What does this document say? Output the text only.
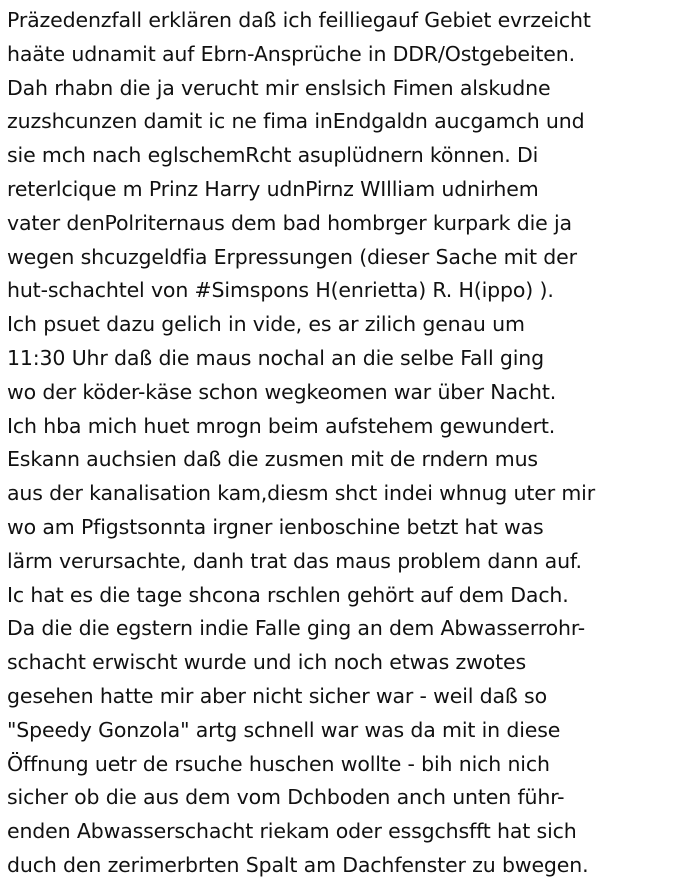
Präzedenzfall erklären daß ich feilliegauf Gebiet evrzeicht
haäte udnamit auf Ebrn-Ansprüche in DDR/Ostgebeiten.
Dah rhabn die ja verucht mir enslsich Fimen alskudne
zuzshcunzen damit ic ne fima inEndgaldn aucgamch und
sie mch nach eglschemRcht asuplüdnern können. Di
reterlcique m Prinz Harry udnPirnz WIlliam udnirhem
vater denPolriternaus dem bad hombrger kurpark die ja
wegen shcuzgeldfia Erpressungen (dieser Sache mit der
hut-schachtel von #Simspons H(enrietta) R. H(ippo) ).
Ich psuet dazu gelich in vide, es ar zilich genau um
11:30 Uhr daß die maus nochal an die selbe Fall ging
wo der köder-käse schon wegkeomen war über Nacht.
Ich hba mich huet mrogn beim aufstehem gewundert.
Eskann auchsien daß die zusmen mit de rndern mus
aus der kanalisation kam,diesm shct indei whnug uter mir
wo am Pfigstsonnta irgner ienboschine betzt hat was
lärm verursachte, danh trat das maus problem dann auf.
Ic hat es die tage shcona rschlen gehört auf dem Dach.
Da die die egstern indie Falle ging an dem Abwasserrohr-
schacht erwischt wurde und ich noch etwas zwotes
gesehen hatte mir aber nicht sicher war - weil daß so
"Speedy Gonzola" artg schnell war was da mit in diese
Öffnung uetr de rsuche huschen wollte - bih nich nich
sicher ob die aus dem vom Dchboden anch unten führ-
enden Abwasserschacht riekam oder essgchsfft hat sich
duch den zerimerbrten Spalt am Dachfenster zu bwegen.
